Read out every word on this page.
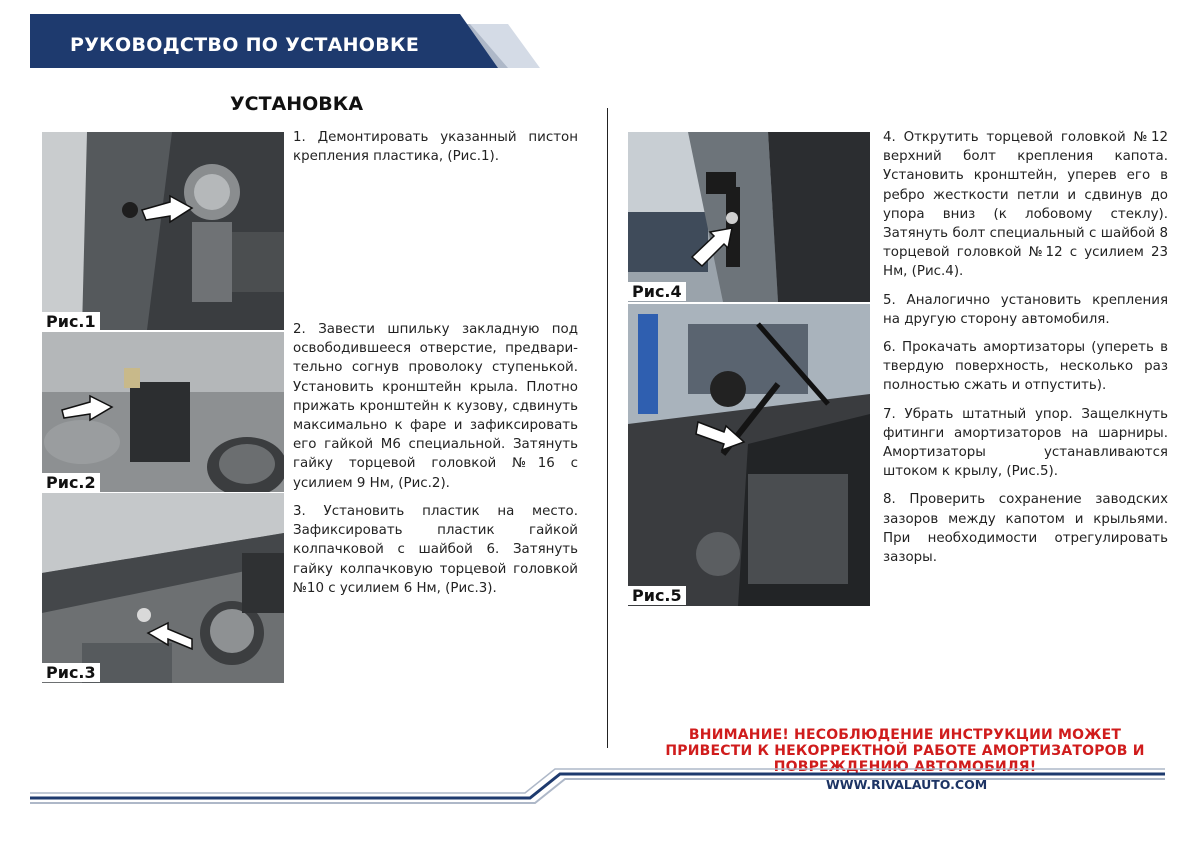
РУКОВОДСТВО ПО УСТАНОВКЕ
УСТАНОВКА
Рис.1
Рис.2
Рис.3
1. Демонтировать указанный пистон крепления пластика, (Рис.1).
2. Завести шпильку закладную под освободившееся отверстие, предвари-тельно согнув проволоку ступенькой. Установить кронштейн крыла. Плотно прижать кронштейн к кузову, сдвинуть максимально к фаре и зафиксировать его гайкой М6 специальной. Затянуть гайку торцевой головкой №16 с усилием 9 Нм, (Рис.2).
3. Установить пластик на место. Зафиксировать пластик гайкой колпачковой с шайбой 6. Затянуть гайку колпачковую торцевой головкой №10 с усилием 6 Нм, (Рис.3).
Рис.4
Рис.5

4. Открутить торцевой головкой №12 верхний болт крепления капота. Установить кронштейн, уперев его в ребро жесткости петли и сдвинув до упора вниз (к лобовому стеклу). Затянуть болт специальный с шайбой 8 торцевой головкой №12 с усилием 23 Нм, (Рис.4).

5. Аналогично установить крепления на другую сторону автомобиля.

6. Прокачать амортизаторы (упереть в твердую поверхность, несколько раз полностью сжать и отпустить).

7. Убрать штатный упор. Защелкнуть фитинги амортизаторов на шарниры. Амортизаторы устанавливаются штоком к крылу, (Рис.5).

8. Проверить сохранение заводских зазоров между капотом и крыльями. При необходимости отрегулировать зазоры.

ВНИМАНИЕ! НЕСОБЛЮДЕНИЕ ИНСТРУКЦИИ МОЖЕТ ПРИВЕСТИ К НЕКОРРЕКТНОЙ РАБОТЕ АМОРТИЗАТОРОВ И ПОВРЕЖДЕНИЮ АВТОМОБИЛЯ!
WWW.RIVALAUTO.COM
